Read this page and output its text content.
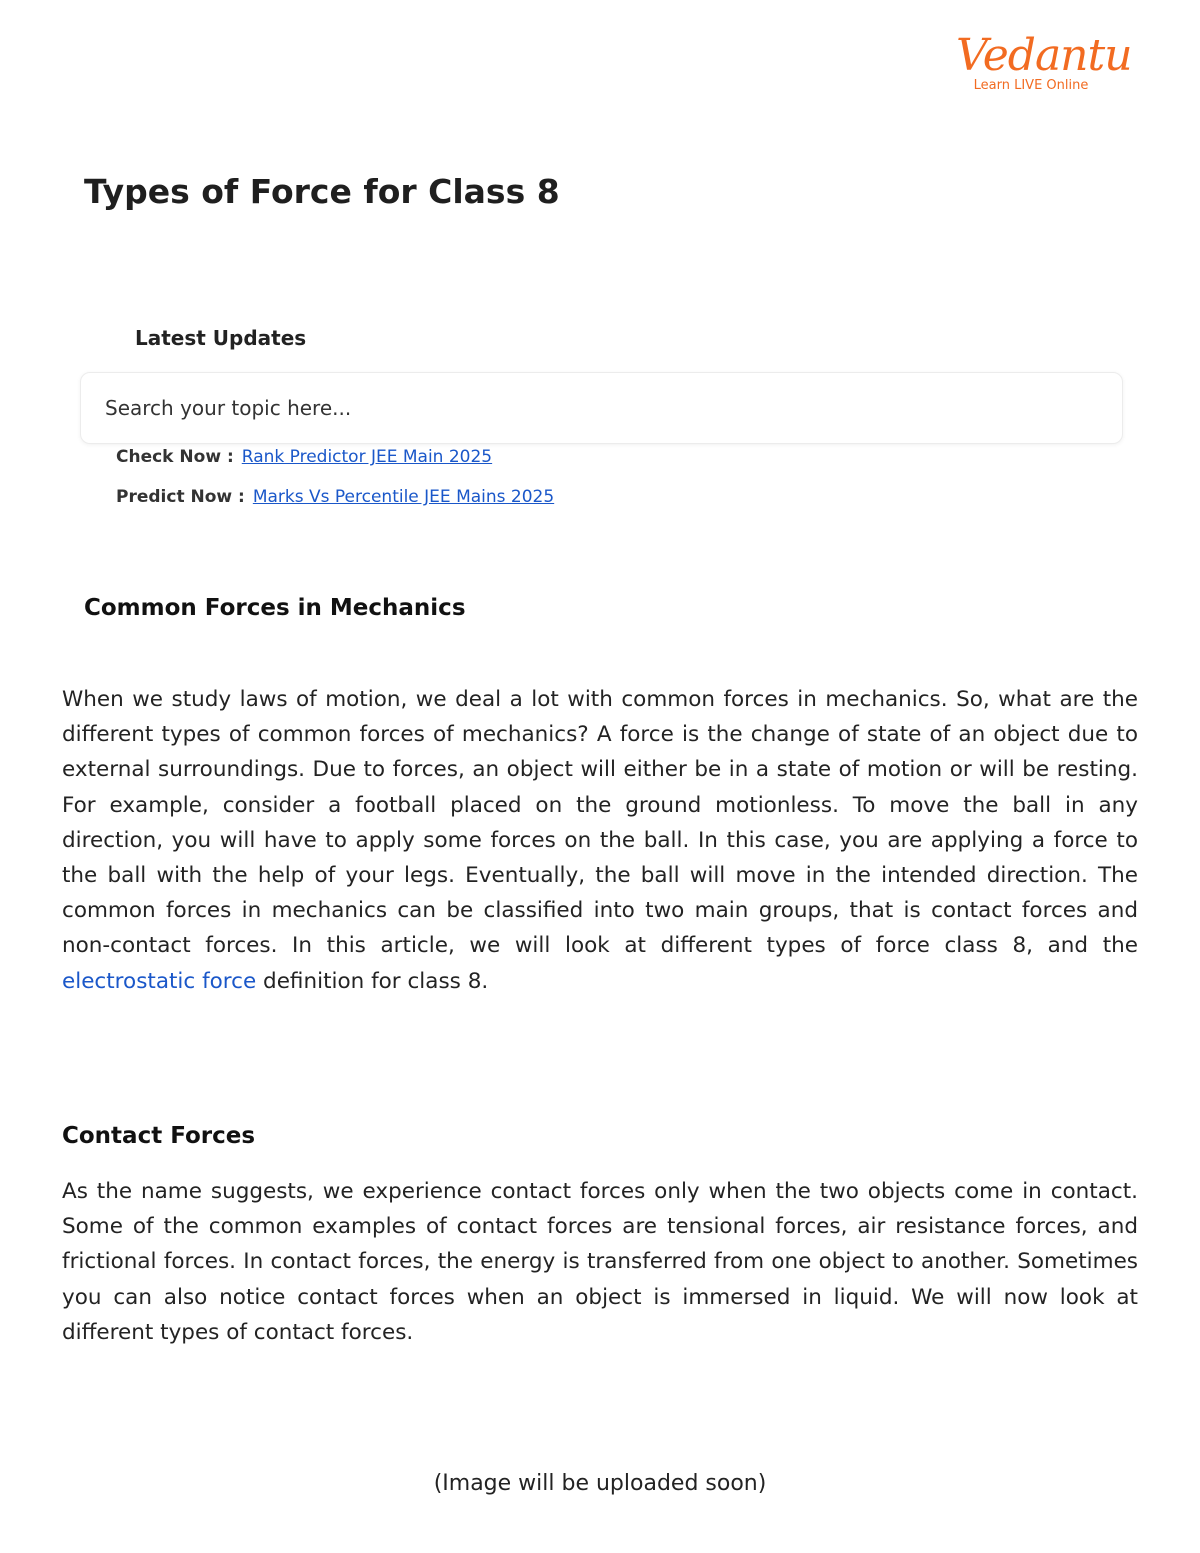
Vedantu
Learn LIVE Online
Types of Force for Class 8
Latest Updates
Search your topic here...
Check Now : Rank Predictor JEE Main 2025
Predict Now : Marks Vs Percentile JEE Mains 2025
Common Forces in Mechanics

When we study laws of motion, we deal a lot with common forces in mechanics. So, what are the different types of common forces of mechanics? A force is the change of state of an object due to external surroundings. Due to forces, an object will either be in a state of motion or will be resting. For example, consider a football placed on the ground motionless. To move the ball in any direction, you will have to apply some forces on the ball. In this case, you are applying a force to the ball with the help of your legs. Eventually, the ball will move in the intended direction. The common forces in mechanics can be classified into two main groups, that is contact forces and non-contact forces. In this article, we will look at different types of force class 8, and the electrostatic force definition for class 8.

Contact Forces

As the name suggests, we experience contact forces only when the two objects come in contact. Some of the common examples of contact forces are tensional forces, air resistance forces, and frictional forces. In contact forces, the energy is transferred from one object to another. Sometimes you can also notice contact forces when an object is immersed in liquid. We will now look at different types of contact forces.

(Image will be uploaded soon)
